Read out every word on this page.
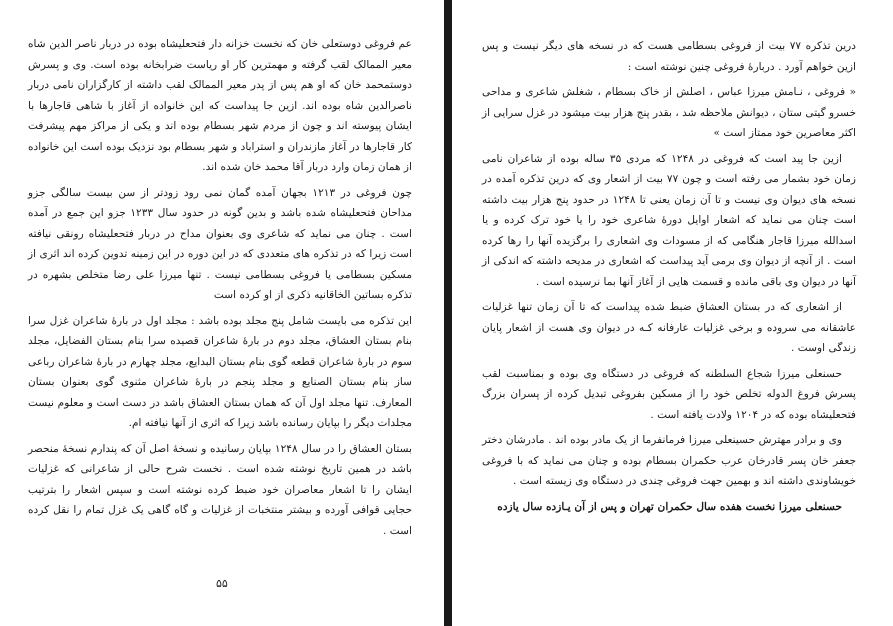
عم فروغی دوستعلی خان که نخست خزانه دار فتحعلیشاه بوده در دربار ناصر الدین شاه معیر الممالک لقب گرفته و مهمترین کار او ریاست ضرابخانه بوده است. وی و پسرش دوستمحمد خان که او هم پس از پدر معیر الممالک لقب داشته از کارگزاران نامی دربار ناصرالدین شاه بوده اند. ازین جا پیداست که این خانواده از آغاز با شاهی قاجارها با ایشان پیوسته اند و چون از مردم شهر بسطام بوده اند و یکی از مراکز مهم پیشرفت کار قاجارها در آغاز مازندران و استراباد و شهر بسطام بود نزدیک بوده است این خانواده از همان زمان وارد دربار آقا محمد خان شده اند.

چون فروغی در ۱۲۱۳ بجهان آمده گمان نمی رود زودتر از سن بیست سالگی جزو مداحان فتحعلیشاه شده باشد و بدین گونه در حدود سال ۱۲۳۳ جزو این جمع در آمده است . چنان می نماید که شاعری وی بعنوان مداح در دربار فتحعلیشاه رونقی نیافته است زیرا که در تذکره های متعددی که در این دوره در این زمینه تدوین کرده اند اثری از مسکین بسطامی یا فروغی بسطامی نیست . تنها میرزا علی رضا متخلص بشهره در تذکره بساتین الخاقانیه ذکری از او کرده است

این تذکره می بایست شامل پنج مجلد بوده باشد : مجلد اول در بارهٔ شاعران غزل سرا بنام بستان العشاق، مجلد دوم در بارهٔ شاعران قصیده سرا بنام بستان الفضایل، مجلد سوم در بارهٔ شاعران قطعه گوی بنام بستان البدایع، مجلد چهارم در بارهٔ شاعران رباعی ساز بنام بستان الصنایع و مجلد پنجم در بارهٔ شاعران مثنوی گوی بعنوان بستان المعارف. تنها مجلد اول آن که همان بستان العشاق باشد در دست است و معلوم نیست مجلدات دیگر را بپایان رسانده باشد زیرا که اثری از آنها نیافته ام.

بستان العشاق را در سال ۱۲۴۸ بپایان رسانیده و نسخهٔ اصل آن که پندارم نسخهٔ منحصر باشد در همین تاریخ نوشته شده است . نخست شرح حالی از شاعرانی که غزلیات ایشان را تا اشعار معاصران خود ضبط کرده نوشته است و سپس اشعار را بترتیب حجایی قوافی آورده و بیشتر منتخبات از غزلیات و گاه گاهی یک غزل تمام را نقل کرده است .

۵۵

درین تذکره ۷۷ بیت از فروغی بسطامی هست که در نسخه های دیگر نیست و پس ازین خواهم آورد . دربارهٔ فروغی چنین نوشته است :

« فروغی ، نـامش میرزا عباس ، اصلش از خاک بسطام ، شغلش شاعری و مداحی خسرو گیتی ستان ، دیوانش ملاحظه شد ، بقدر پنج هزار بیت میشود در غزل سرایی از اکثر معاصرین خود ممتاز است »

ازین جا پید است که فروغی در ۱۲۴۸ که مردی ۳۵ ساله بوده از شاعران نامی زمان خود بشمار می رفته است و چون ۷۷ بیت از اشعار وی که درین تذکره آمده در نسخه های دیوان وی نیست و تا آن زمان یعنی تا ۱۲۴۸ در حدود پنج هزار بیت داشته است چنان می نماید که اشعار اوایل دورهٔ شاعری خود را یا خود ترک کرده و یا اسدالله میرزا قاجار هنگامی که از مسودات وی اشعاری را برگزیده آنها را رها کرده است . از آنچه از دیوان وی برمی آید پیداست که اشعاری در مدیحه داشته که اندکی از آنها در دیوان وی باقی مانده و قسمت هایی از آغاز آنها بما نرسیده است .

از اشعاری که در بستان العشاق ضبط شده پیداست که تا آن زمان تنها غزلیات عاشقانه می سروده و برخی غزلیات عارفانه کـه در دیوان وی هست از اشعار پایان زندگی اوست .

حسنعلی میرزا شجاع السلطنه که فروغی در دستگاه وی بوده و بمناسبت لقب پسرش فروغ الدوله تخلص خود را از مسکین بفروغی تبدیل کرده از پسران بزرگ فتحعلیشاه بوده که در ۱۲۰۴ ولادت یافته است .

وی و برادر مهترش حسینعلی میرزا فرمانفرما از یک مادر بوده اند . مادرشان دختر جعفر خان پسر قادرخان عرب حکمران بسطام بوده و چنان می نماید که با فروغی خویشاوندی داشته اند و بهمین جهت فروغی چندی در دستگاه وی زیسته است .

حسنعلی میرزا نخست هفده سال حکمران تهران و پس از آن یـازده سال یازده
